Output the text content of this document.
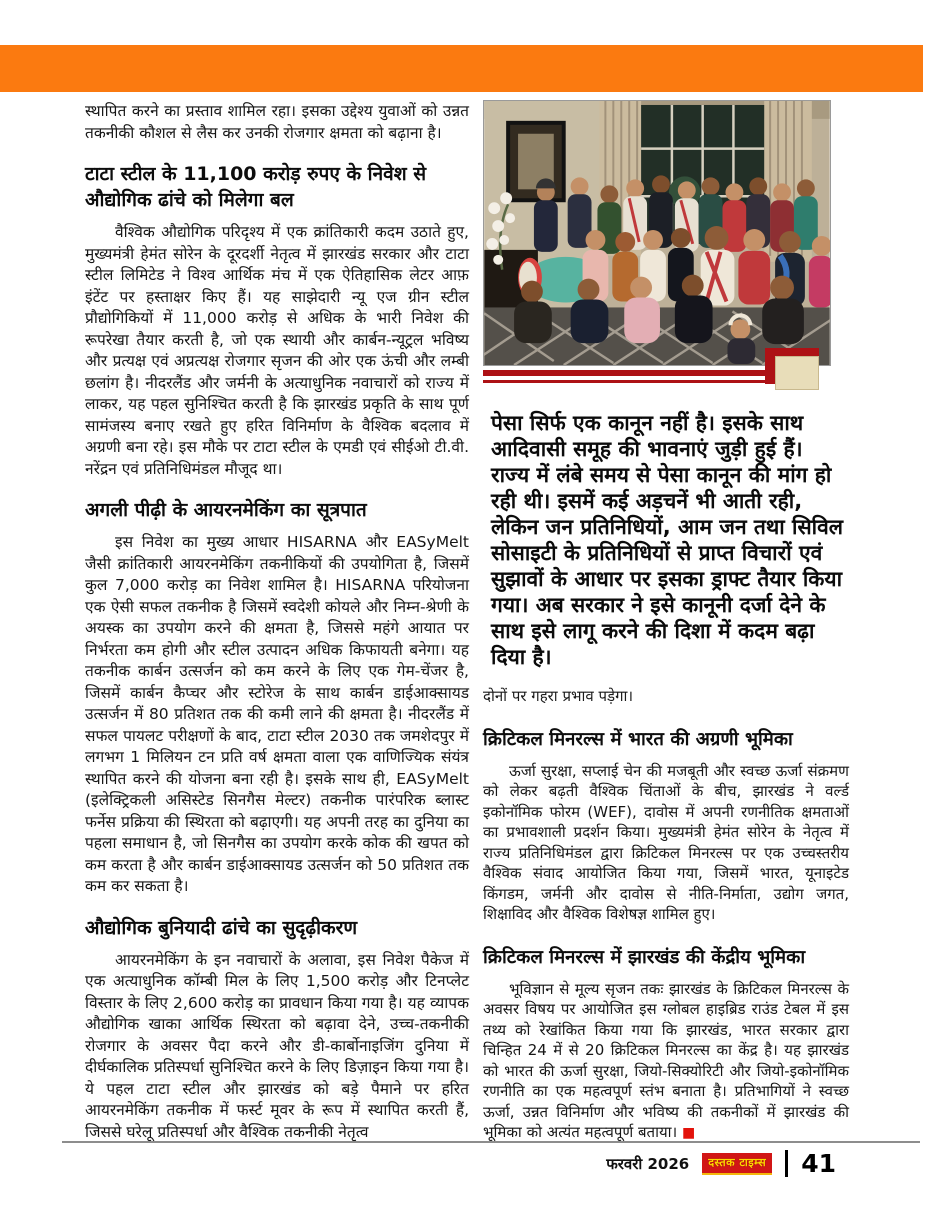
स्थापित करने का प्रस्ताव शामिल रहा। इसका उद्देश्य युवाओं को उन्नत तकनीकी कौशल से लैस कर उनकी रोजगार क्षमता को बढ़ाना है।

टाटा स्टील के 11,100 करोड़ रुपए के निवेश से औद्योगिक ढांचे को मिलेगा बल

वैश्विक औद्योगिक परिदृश्य में एक क्रांतिकारी कदम उठाते हुए, मुख्यमंत्री हेमंत सोरेन के दूरदर्शी नेतृत्व में झारखंड सरकार और टाटा स्टील लिमिटेड ने विश्व आर्थिक मंच में एक ऐतिहासिक लेटर आफ़ इंटेंट पर हस्ताक्षर किए हैं। यह साझेदारी न्यू एज ग्रीन स्टील प्रौद्योगिकियों में 11,000 करोड़ से अधिक के भारी निवेश की रूपरेखा तैयार करती है, जो एक स्थायी और कार्बन-न्यूट्रल भविष्य और प्रत्यक्ष एवं अप्रत्यक्ष रोजगार सृजन की ओर एक ऊंची और लम्बी छलांग है। नीदरलैंड और जर्मनी के अत्याधुनिक नवाचारों को राज्य में लाकर, यह पहल सुनिश्चित करती है कि झारखंड प्रकृति के साथ पूर्ण सामंजस्य बनाए रखते हुए हरित विनिर्माण के वैश्विक बदलाव में अग्रणी बना रहे। इस मौके पर टाटा स्टील के एमडी एवं सीईओ टी.वी. नरेंद्रन एवं प्रतिनिधिमंडल मौजूद था।

अगली पीढ़ी के आयरनमेकिंग का सूत्रपात

इस निवेश का मुख्य आधार HISARNA और EASyMelt जैसी क्रांतिकारी आयरनमेकिंग तकनीकियों की उपयोगिता है, जिसमें कुल 7,000 करोड़ का निवेश शामिल है। HISARNA परियोजना एक ऐसी सफल तकनीक है जिसमें स्वदेशी कोयले और निम्न-श्रेणी के अयस्क का उपयोग करने की क्षमता है, जिससे महंगे आयात पर निर्भरता कम होगी और स्टील उत्पादन अधिक किफायती बनेगा। यह तकनीक कार्बन उत्सर्जन को कम करने के लिए एक गेम-चेंजर है, जिसमें कार्बन कैप्चर और स्टोरेज के साथ कार्बन डाईआक्सायड उत्सर्जन में 80 प्रतिशत तक की कमी लाने की क्षमता है। नीदरलैंड में सफल पायलट परीक्षणों के बाद, टाटा स्टील 2030 तक जमशेदपुर में लगभग 1 मिलियन टन प्रति वर्ष क्षमता वाला एक वाणिज्यिक संयंत्र स्थापित करने की योजना बना रही है। इसके साथ ही, EASyMelt (इलेक्ट्रिकली असिस्टेड सिनगैस मेल्टर) तकनीक पारंपरिक ब्लास्ट फर्नेस प्रक्रिया की स्थिरता को बढ़ाएगी। यह अपनी तरह का दुनिया का पहला समाधान है, जो सिनगैस का उपयोग करके कोक की खपत को कम करता है और कार्बन डाईआक्सायड उत्सर्जन को 50 प्रतिशत तक कम कर सकता है।

औद्योगिक बुनियादी ढांचे का सुदृढ़ीकरण

आयरनमेकिंग के इन नवाचारों के अलावा, इस निवेश पैकेज में एक अत्याधुनिक कॉम्बी मिल के लिए 1,500 करोड़ और टिनप्लेट विस्तार के लिए 2,600 करोड़ का प्रावधान किया गया है। यह व्यापक औद्योगिक खाका आर्थिक स्थिरता को बढ़ावा देने, उच्च-तकनीकी रोजगार के अवसर पैदा करने और डी-कार्बोनाइजिंग दुनिया में दीर्घकालिक प्रतिस्पर्धा सुनिश्चित करने के लिए डिज़ाइन किया गया है। ये पहल टाटा स्टील और झारखंड को बड़े पैमाने पर हरित आयरनमेकिंग तकनीक में फर्स्ट मूवर के रूप में स्थापित करती हैं, जिससे घरेलू प्रतिस्पर्धा और वैश्विक तकनीकी नेतृत्व

पेसा सिर्फ एक कानून नहीं है। इसके साथ आदिवासी समूह की भावनाएं जुड़ी हुई हैं। राज्य में लंबे समय से पेसा कानून की मांग हो रही थी। इसमें कई अड़चनें भी आती रही, लेकिन जन प्रतिनिधियों, आम जन तथा सिविल सोसाइटी के प्रतिनिधियों से प्राप्त विचारों एवं सुझावों के आधार पर इसका ड्राफ्ट तैयार किया गया। अब सरकार ने इसे कानूनी दर्जा देने के साथ इसे लागू करने की दिशा में कदम बढ़ा दिया है।

दोनों पर गहरा प्रभाव पड़ेगा।

क्रिटिकल मिनरल्स में भारत की अग्रणी भूमिका

ऊर्जा सुरक्षा, सप्लाई चेन की मजबूती और स्वच्छ ऊर्जा संक्रमण को लेकर बढ़ती वैश्विक चिंताओं के बीच, झारखंड ने वर्ल्ड इकोनॉमिक फोरम (WEF), दावोस में अपनी रणनीतिक क्षमताओं का प्रभावशाली प्रदर्शन किया। मुख्यमंत्री हेमंत सोरेन के नेतृत्व में राज्य प्रतिनिधिमंडल द्वारा क्रिटिकल मिनरल्स पर एक उच्चस्तरीय वैश्विक संवाद आयोजित किया गया, जिसमें भारत, यूनाइटेड किंगडम, जर्मनी और दावोस से नीति-निर्माता, उद्योग जगत, शिक्षाविद और वैश्विक विशेषज्ञ शामिल हुए।

क्रिटिकल मिनरल्स में झारखंड की केंद्रीय भूमिका

भूविज्ञान से मूल्य सृजन तकः झारखंड के क्रिटिकल मिनरल्स के अवसर विषय पर आयोजित इस ग्लोबल हाइब्रिड राउंड टेबल में इस तथ्य को रेखांकित किया गया कि झारखंड, भारत सरकार द्वारा चिन्हित 24 में से 20 क्रिटिकल मिनरल्स का केंद्र है। यह झारखंड को भारत की ऊर्जा सुरक्षा, जियो-सिक्योरिटी और जियो-इकोनॉमिक रणनीति का एक महत्वपूर्ण स्तंभ बनाता है। प्रतिभागियों ने स्वच्छ ऊर्जा, उन्नत विनिर्माण और भविष्य की तकनीकों में झारखंड की भूमिका को अत्यंत महत्वपूर्ण बताया। ■

फरवरी 2026	दस्तक टाइम्स 41
